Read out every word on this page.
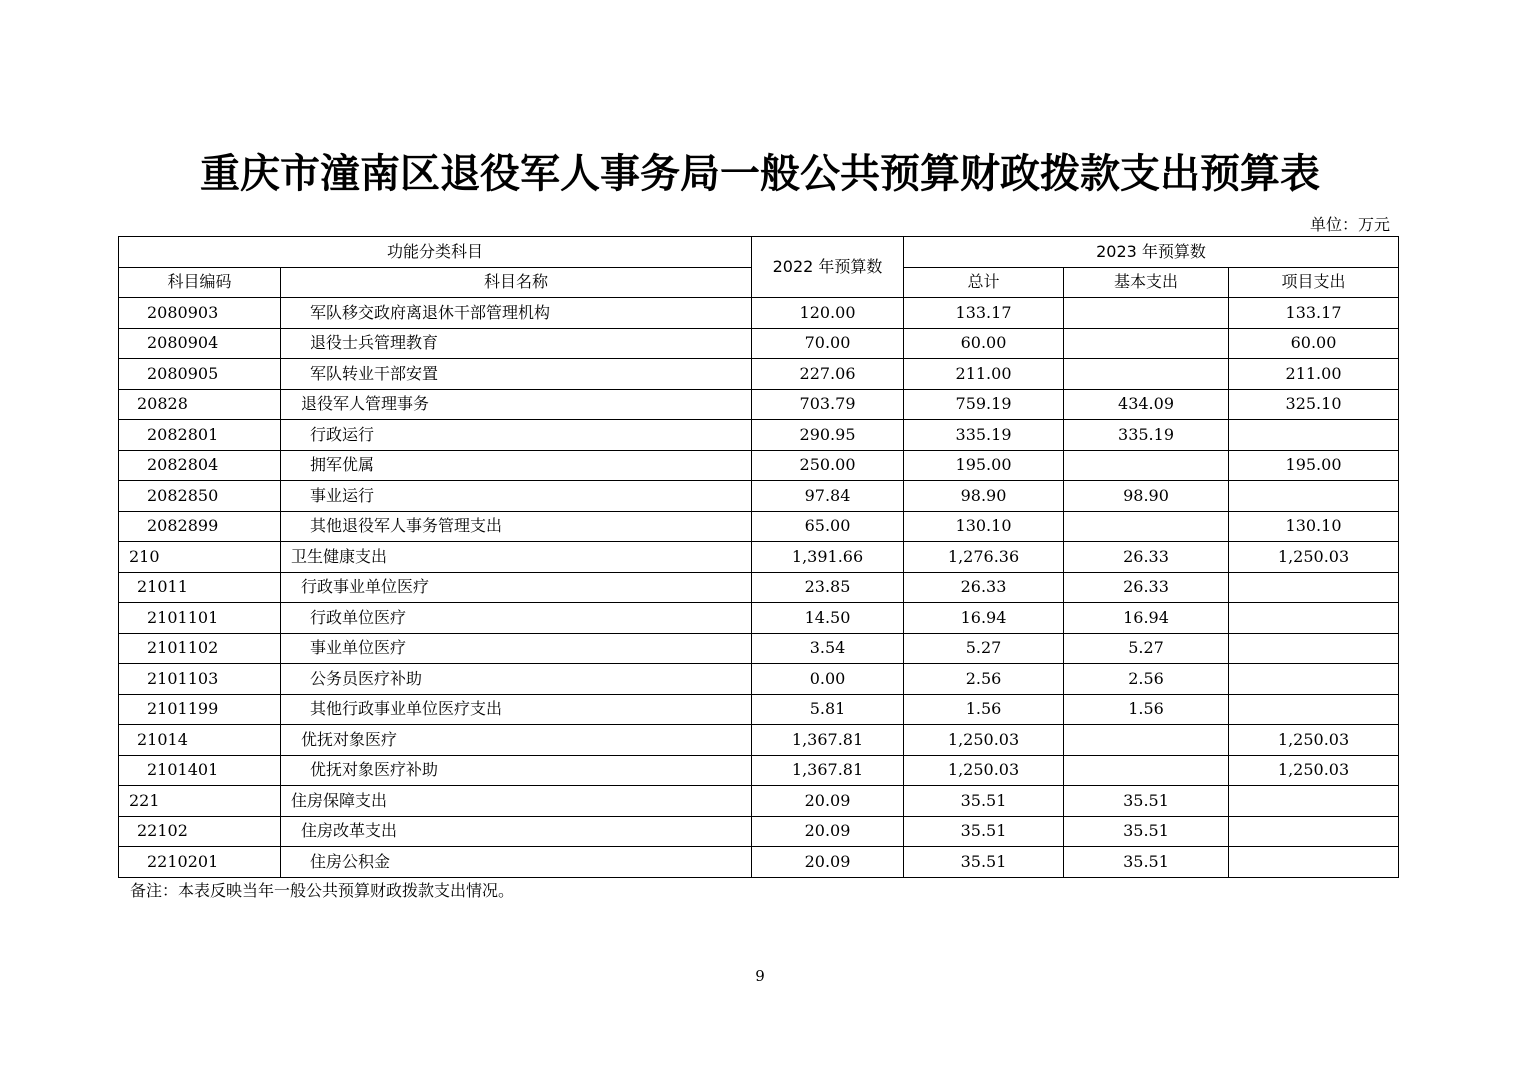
重庆市潼南区退役军人事务局一般公共预算财政拨款支出预算表
单位：万元
功能分类科目		2022 年预算数	2023 年预算数		
科目编码	科目名称		总计	基本支出	项目支出
2080903	军队移交政府离退休干部管理机构	120.00	133.17		133.17
2080904	退役士兵管理教育	70.00	60.00		60.00
2080905	军队转业干部安置	227.06	211.00		211.00
20828	退役军人管理事务	703.79	759.19	434.09	325.10
2082801	行政运行	290.95	335.19	335.19	
2082804	拥军优属	250.00	195.00		195.00
2082850	事业运行	97.84	98.90	98.90	
2082899	其他退役军人事务管理支出	65.00	130.10		130.10
210	卫生健康支出	1,391.66	1,276.36	26.33	1,250.03
21011	行政事业单位医疗	23.85	26.33	26.33	
2101101	行政单位医疗	14.50	16.94	16.94	
2101102	事业单位医疗	3.54	5.27	5.27	
2101103	公务员医疗补助	0.00	2.56	2.56	
2101199	其他行政事业单位医疗支出	5.81	1.56	1.56	
21014	优抚对象医疗	1,367.81	1,250.03		1,250.03
2101401	优抚对象医疗补助	1,367.81	1,250.03		1,250.03
221	住房保障支出	20.09	35.51	35.51	
22102	住房改革支出	20.09	35.51	35.51	
2210201	住房公积金	20.09	35.51	35.51	
备注：本表反映当年一般公共预算财政拨款支出情况。
9
